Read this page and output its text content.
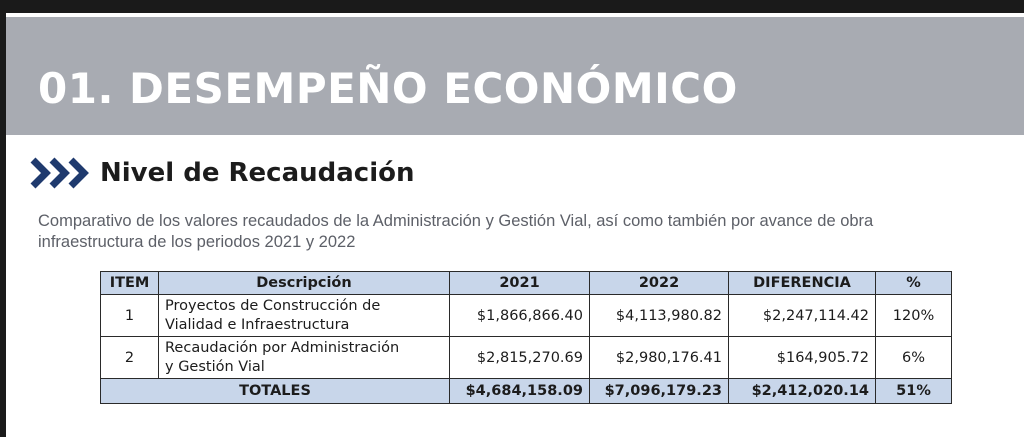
01. DESEMPEÑO ECONÓMICO
Nivel de Recaudación
Comparativo de los valores recaudados de la Administración y Gestión Vial, así como también por avance de obra
infraestructura de los periodos 2021 y 2022
ITEM	Descripción	2021	2022	DIFERENCIA	%
1	Proyectos de Construcción de
Vialidad e Infraestructura	$1,866,866.40	$4,113,980.82	$2,247,114.42	120%
2	Recaudación por Administración
y Gestión Vial	$2,815,270.69	$2,980,176.41	$164,905.72	6%
TOTALES		$4,684,158.09	$7,096,179.23	$2,412,020.14	51%
